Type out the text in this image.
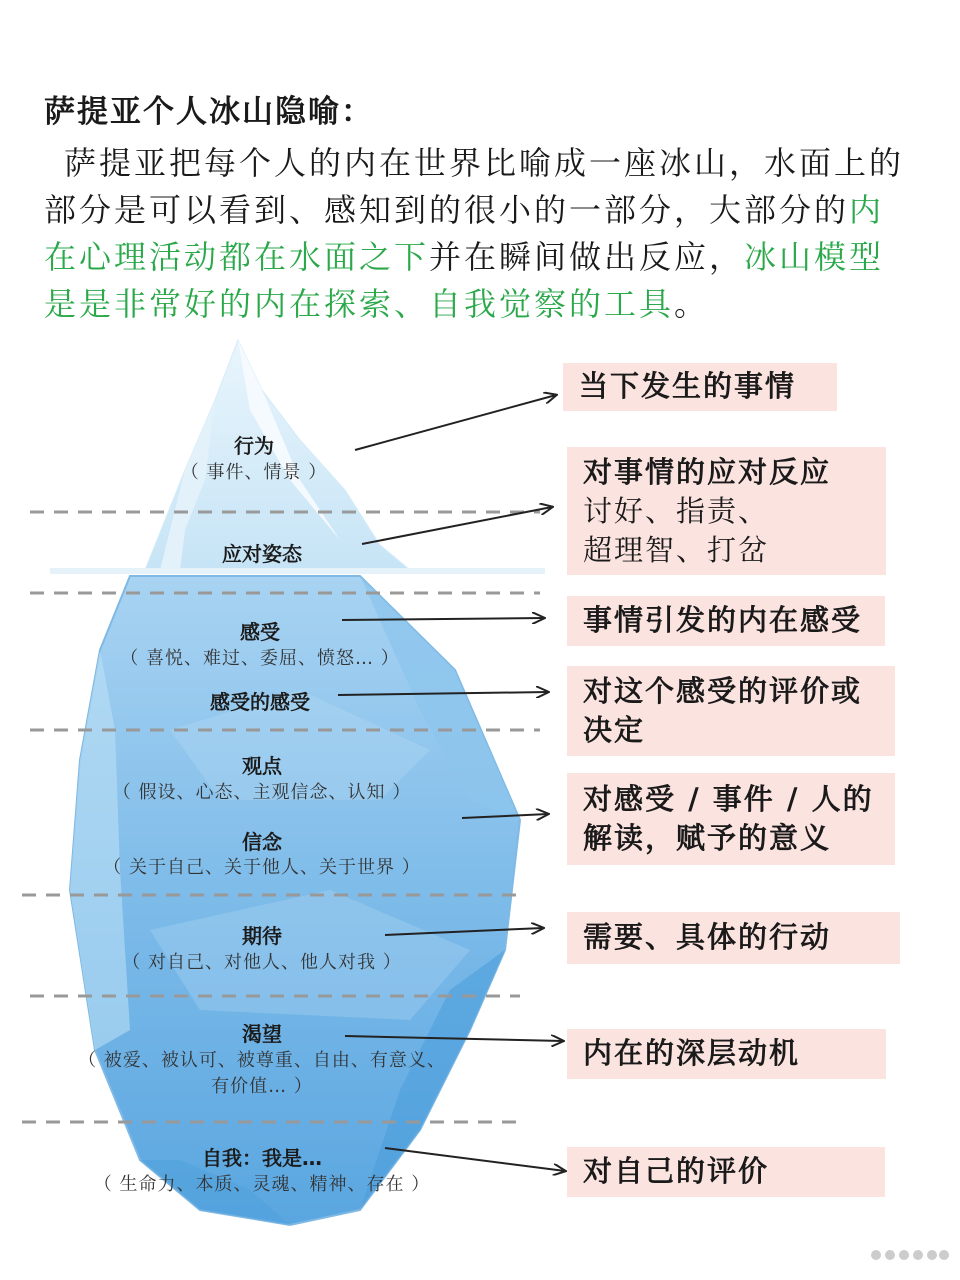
萨提亚个人冰山隐喻：
萨提亚把每个人的内在世界比喻成一座冰山，水面上的部分是可以看到、感知到的很小的一部分，大部分的内在心理活动都在水面之下并在瞬间做出反应，冰山模型是是非常好的内在探索、自我觉察的工具。
行为
（ 事件、情景 ）
应对姿态
感受
（ 喜悦、难过、委屈、愤怒… ）
感受的感受
观点
（ 假设、心态、主观信念、认知 ）
信念
（ 关于自己、关于他人、关于世界 ）
期待
（ 对自己、对他人、他人对我 ）
渴望
（ 被爱、被认可、被尊重、自由、有意义、
有价值… ）
自我：我是…
（ 生命力、本质、灵魂、精神、存在 ）
当下发生的事情
对事情的应对反应
讨好、指责、
超理智、打岔
事情引发的内在感受
对这个感受的评价或
决定
对感受 / 事件 / 人的
解读，赋予的意义
需要、具体的行动
内在的深层动机
对自己的评价
